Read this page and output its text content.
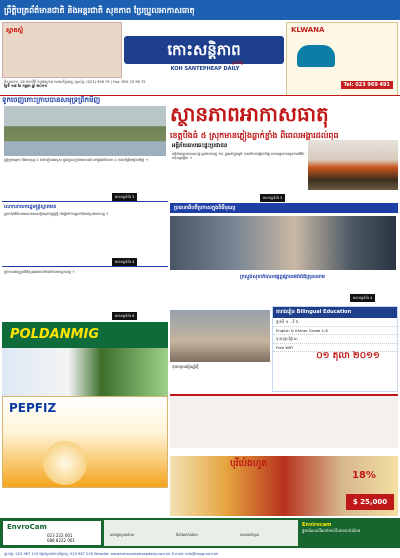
ព្រឹត្តិបត្រព័ត៌មានជាតិ និងអន្តរជាតិ សុខភាព ប្រែប្រួលអាកាសធាតុ
ស្អាតស្អំ
កោះសន្តិភាព
KOH SANTEPHEAP DAILY
ប្រចាំថ្ងៃ
KLWANA
Tel: 023 969 491
ទីស្នាក់ការ: 18 មហាវិថី កម្ពុជាក្រោម រាជធានីភ្នំពេញ ទូរស័ព្ទ: (023) 998 79 | Fax: 855 23 98 75
ថ្ងៃទី ១៧ ខែ កក្កដា ឆ្នាំ ២០១១
ទូកចេញកោះក្រាបបានសមុទ្រព្រឹកមិញ
ស្ត្រីម្នាក់ស្លាប់ និងមនុស្ស ៤ នាក់ទៀតរងរបួស ក្នុងគ្រោះថ្នាក់ចរាចរណ៍ នៅផ្លូវជាតិលេខ ៤ កាលពីព្រឹកម្សិលមិញ ។
អានបន្តទំព័រ 3
លោកនាយករដ្ឋមន្ត្រីស្វាគមន៍
ក្រុមហ៊ុនវិនិយោគបរទេសបង្កើតមុខជំនួញថ្មី ដើម្បីលើកកម្ពស់ជីវភាពប្រជាពលរដ្ឋ ។
អានបន្តទំព័រ 4
ក្រុមការងារត្រួតពិនិត្យគុណភាពទឹកនៅតាមបណ្តាខេត្ត ។
អានបន្តទំព័រ 6
POLDANMIG
PEPFIZ
ស្ថានភាពអាកាសធាតុ
ខេត្តបឹងធំ ៥ ស្រុកមានភ្លៀងធ្លាក់ខ្លាំង ពីពេលអង្គារដល់ពុធ
អគ្គិភ័យឆាបឆេះផ្ទះប្រជាជន
អគ្គិភ័យបានឆាបឆេះផ្ទះប្រជាពលរដ្ឋ ១៥ ខ្នងនៅក្នុងភូមិ កាលពីយប់ម្សិលមិញ ដោយគ្មានការខូចខាតជីវិតមនុស្សឡើយ ។
អានបន្តទំព័រ 3
ប្រធានាធិបតីប្រកាសក្នុងពិធីបុណ្យ
ក្រសួងសុខាភិបាលផ្សព្វផ្សាយអំពីជំងឺគ្រុនឈាម
អានបន្តទំព័រ 4
កុមារចូលរៀនឆ្នាំថ្មី
តារាងរៀន Bilingual Education
ថ្នាក់ទី ១ - ទី ៦
English & Khmer Grade 1-6
ចុះឈ្មោះថ្ងៃនេះ
Free WiFi
០១ តុលា ២០១១
បុរីប៉េងហួត
18%
$ 25,000
EnvroCam
023 222 001
088 8222 001
សេវាប្រមូលសំរាម	ទីតាំងចាក់សំរាម	ការពារបរិស្ថាន
Envirocam
ផ្ទុកសំណល់រឹងទៅកាន់ទីលានចាក់សំរាម
ទូរស័ព្ទ: 023 987 119 ផ្នែកផ្សាយពាណិជ្ជកម្ម: 023 987 226 Website: www.kohsantepheapdaily.com.kh E-mail: info@kspg.com.kh
